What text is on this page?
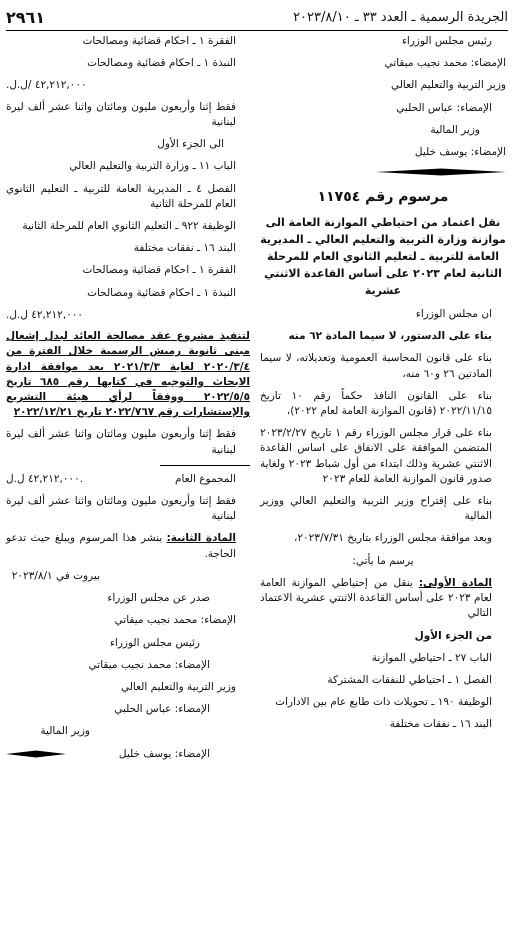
الجريدة الرسمية ـ العدد ٣٣ ـ ٢٠٢٣/٨/١٠
٢٩٦١

رئيس مجلس الوزراء

الإمضاء: محمد نجيب ميقاتي

وزير التربية والتعليم العالي

الإمضاء: عباس الحلبي

وزير المالية

الإمضاء: يوسف خليل

مرسوم رقم ١١٧٥٤
نقل اعتماد من احتياطي الموازنة العامة الى موازنة وزارة التربية والتعليم العالي ـ المديرية العامة للتربية ـ لتعليم الثانوي العام للمرحلة الثانية لعام ٢٠٢٣ على أساس القاعدة الاثنتي عشرية

ان مجلس الوزراء

بناء على الدستور، لا سيما المادة ٦٢ منه

بناء على قانون المحاسبة العمومية وتعديلاته، لا سيما المادتين ٢٦ و٦٠ منه،

بناء على القانون النافذ حكماً رقم ١٠ تاريخ ٢٠٢٢/١١/١٥ (قانون الموازنة العامة لعام ٢٠٢٢)،

بناء على قرار مجلس الوزراء رقم ١ تاريخ ٢٠٢٣/٢/٢٧ المتضمن الموافقة على الانفاق على اساس القاعدة الاثنتي عشرية وذلك ابتداء من أول شباط ٢٠٢٣ ولغاية صدور قانون الموازنة العامة للعام ٢٠٢٣

بناء على إقتراح وزير التربية والتعليم العالي ووزير المالية

وبعد موافقة مجلس الوزراء بتاريخ ٢٠٢٣/٧/٣١،

يرسم ما يأتي:

المادة الأولى: ينقل من إحتياطي الموازنة العامة لعام ٢٠٢٣ على أساس القاعدة الاثنتي عشرية الاعتماد التالي

من الجزء الأول

الباب ٢٧ ـ احتياطي الموازنة

الفصل ١ ـ احتياطي للنفقات المشتركة

الوظيفة ١٩٠ ـ تحويلات ذات طابع عام بين الادارات

البند ١٦ ـ نفقات مختلفة

الفقرة ١ ـ احكام قضائية ومصالحات

النبذة ١ ـ احكام قضائية ومصالحات

٤٢,٢١٢,٠٠٠ /ل.ل.

فقط إثنا وأربعون مليون ومائتان واثنا عشر ألف ليرة لبنانية

الى الجزء الأول

الباب ١١ ـ وزارة التربية والتعليم العالي

الفصل ٤ ـ المديرية العامة للتربية ـ التعليم الثانوي العام للمرحلة الثانية

الوظيفة ٩٢٢ ـ التعليم الثانوي العام للمرحلة الثانية

البند ١٦ ـ نفقات مختلفة

الفقرة ١ ـ احكام قضائية ومصالحات

النبذة ١ ـ احكام قضائية ومصالحات

٤٢,٢١٢,٠٠٠ ل.ل.

لتنفيذ مشروع عقد مصالحة العائد لبدل إشغال مبنى ثانوية رميش الرسمية خلال الفترة من ٢٠٢٠/٣/٤ لغاية ٢٠٢١/٣/٣ بعد موافقة ادارة الابحاث والتوجيه في كتابها رقم ٦٨٥ تاريخ ٢٠٢٢/٥/٥ ووفقاً لرأي هيئة التشريع والإستشارات رقم ٢٠٢٢/٧٦٧ تاريخ ٢٠٢٢/١٢/٢١

فقط إثنا وأربعون مليون ومائتان واثنا عشر ألف ليرة لبنانية

المجموع العام
٤٢,٢١٢,٠٠٠ ل.ل.

فقط إثنا وأربعون مليون ومائتان واثنا عشر ألف ليرة لبنانية

المادة الثانية: ينشر هذا المرسوم ويبلغ حيث تدعو الحاجة.

بيروت في ٢٠٢٣/٨/١

صدر عن مجلس الوزراء

الإمضاء: محمد نجيب ميقاتي

رئيس مجلس الوزراء

الإمضاء: محمد نجيب ميقاتي

وزير التربية والتعليم العالي

الإمضاء: عباس الحلبي

وزير المالية

الإمضاء: يوسف خليل
